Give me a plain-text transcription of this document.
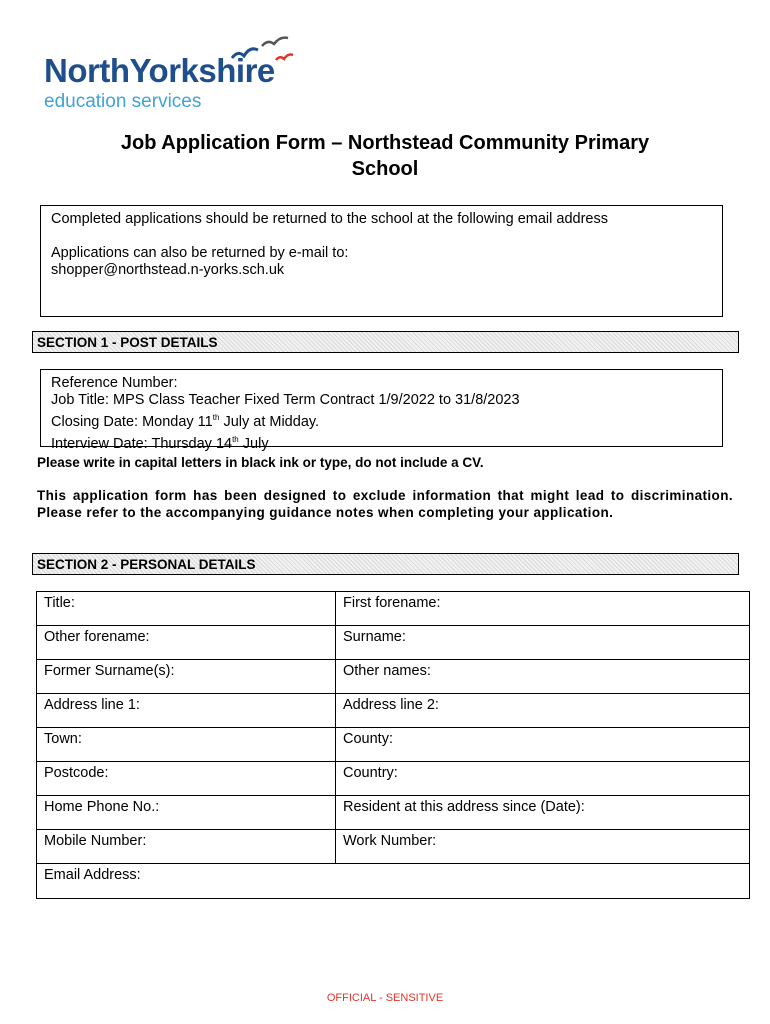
NorthYorkshire
education services
Job Application Form – Northstead Community Primary
School

Completed applications should be returned to the school at the following email address

Applications can also be returned by e-mail to:
shopper@northstead.n-yorks.sch.uk
SECTION 1 - POST DETAILS
Reference Number:
Job Title: MPS Class Teacher Fixed Term Contract 1/9/2022 to 31/8/2023
Closing Date: Monday 11th July at Midday.
Interview Date: Thursday 14th July
Please write in capital letters in black ink or type, do not include a CV.
This application form has been designed to exclude information that might lead to discrimination. Please refer to the accompanying guidance notes when completing your application.
SECTION 2 - PERSONAL DETAILS
Title:	First forename:
Other forename:	Surname:
Former Surname(s):	Other names:
Address line 1:	Address line 2:
Town:	County:
Postcode:	Country:
Home Phone No.:	Resident at this address since (Date):
Mobile Number:	Work Number:
Email Address:
OFFICIAL - SENSITIVE
